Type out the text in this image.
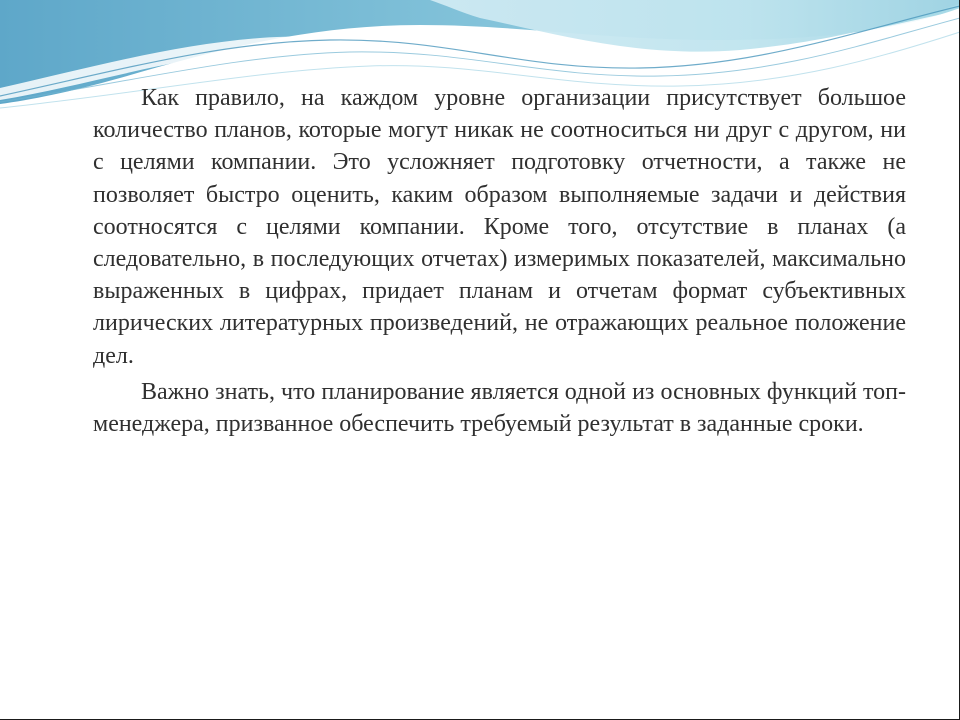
Как правило, на каждом уровне организации присутствует большое количество планов, которые могут никак не соотноситься ни друг с другом, ни с целями компании. Это усложняет подготовку отчетности, а также не позволяет быстро оценить, каким образом выполняемые задачи и действия соотносятся с целями компании. Кроме того, отсутствие в планах (а следовательно, в последующих отчетах) измеримых показателей, максимально выраженных в цифрах, придает планам и отчетам формат субъективных лирических литературных произведений, не отражающих реальное положение дел.

Важно знать, что планирование является одной из основных функций топ-менеджера, призванное обеспечить требуемый результат в заданные сроки.
